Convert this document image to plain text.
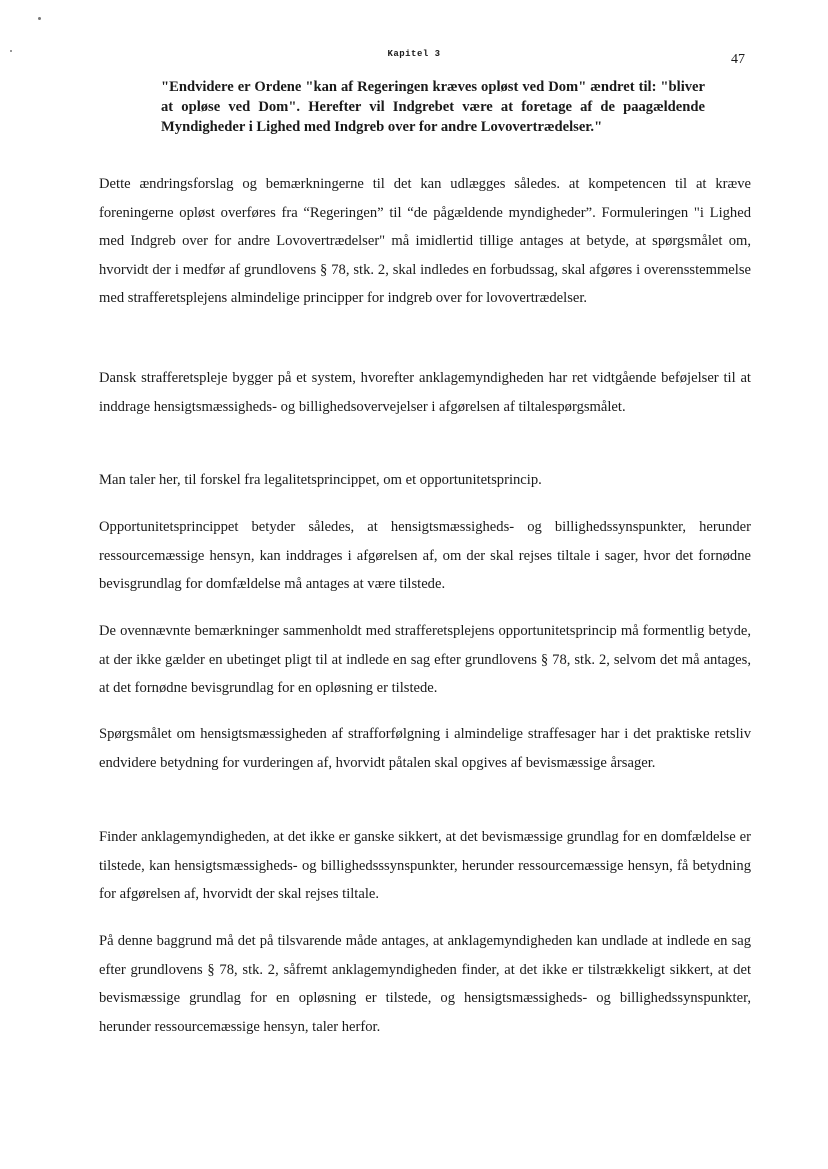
Kapitel 3	47

"Endvidere er Ordene "kan af Regeringen kræves opløst ved Dom" ændret til: "bliver at opløse ved Dom". Herefter vil Indgrebet være at foretage af de paagældende Myndigheder i Lighed med Indgreb over for andre Lovovertrædelser."

Dette ændringsforslag og bemærkningerne til det kan udlægges således. at kompetencen til at kræve foreningerne opløst overføres fra “Regeringen” til “de pågældende myndigheder”. Formuleringen "i Lighed med Indgreb over for andre Lovovertrædelser" må imidlertid tillige antages at betyde, at spørgsmålet om, hvorvidt der i medfør af grundlovens § 78, stk. 2, skal indledes en forbudssag, skal afgøres i overensstemmelse med strafferetsplejens almindelige principper for indgreb over for lovovertrædelser.

Dansk strafferetspleje bygger på et system, hvorefter anklagemyndigheden har ret vidtgående beføjelser til at inddrage hensigtsmæssigheds- og billighedsovervejelser i afgørelsen af tiltalespørgsmålet.

Man taler her, til forskel fra legalitetsprincippet, om et opportunitetsprincip.

Opportunitetsprincippet betyder således, at hensigtsmæssigheds- og billighedssynspunkter, herunder ressourcemæssige hensyn, kan inddrages i afgørelsen af, om der skal rejses tiltale i sager, hvor det fornødne bevisgrundlag for domfældelse må antages at være tilstede.

De ovennævnte bemærkninger sammenholdt med strafferetsplejens opportunitetsprincip må formentlig betyde, at der ikke gælder en ubetinget pligt til at indlede en sag efter grundlovens § 78, stk. 2, selvom det må antages, at det fornødne bevisgrundlag for en opløsning er tilstede.

Spørgsmålet om hensigtsmæssigheden af strafforfølgning i almindelige straffesager har i det praktiske retsliv endvidere betydning for vurderingen af, hvorvidt påtalen skal opgives af bevismæssige årsager.

Finder anklagemyndigheden, at det ikke er ganske sikkert, at det bevismæssige grundlag for en domfældelse er tilstede, kan hensigtsmæssigheds- og billighedsssynspunkter, herunder ressourcemæssige hensyn, få betydning for afgørelsen af, hvorvidt der skal rejses tiltale.

På denne baggrund må det på tilsvarende måde antages, at anklagemyndigheden kan undlade at indlede en sag efter grundlovens § 78, stk. 2, såfremt anklagemyndigheden finder, at det ikke er tilstrækkeligt sikkert, at det bevismæssige grundlag for en opløsning er tilstede, og hensigtsmæssigheds- og billighedssynspunkter, herunder ressourcemæssige hensyn, taler herfor.
